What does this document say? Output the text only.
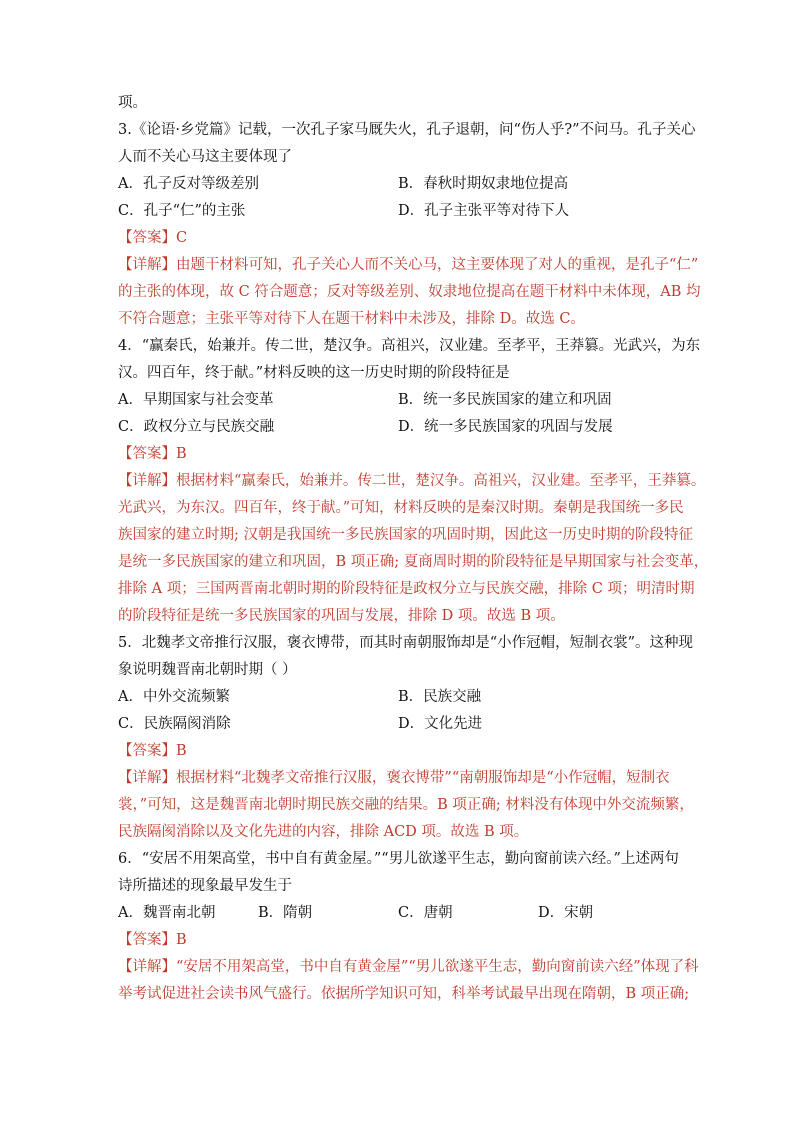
项。
3.《论语·乡党篇》记载，一次孔子家马厩失火，孔子退朝，问“伤人乎?”不问马。孔子关心
人而不关心马这主要体现了
A．孔子反对等级差别	B．春秋时期奴隶地位提高
C．孔子“仁”的主张	D．孔子主张平等对待下人
【答案】C
【详解】由题干材料可知，孔子关心人而不关心马，这主要体现了对人的重视，是孔子“仁”
的主张的体现，故 C 符合题意；反对等级差别、奴隶地位提高在题干材料中未体现，AB 均
不符合题意；主张平等对待下人在题干材料中未涉及，排除 D。故选 C。
4．“赢秦氏，始兼并。传二世，楚汉争。高祖兴，汉业建。至孝平，王莽篡。光武兴，为东
汉。四百年，终于献。”材料反映的这一历史时期的阶段特征是
A．早期国家与社会变革	B．统一多民族国家的建立和巩固
C．政权分立与民族交融	D．统一多民族国家的巩固与发展
【答案】B
【详解】根据材料“赢秦氏，始兼并。传二世，楚汉争。高祖兴，汉业建。至孝平，王莽篡。
光武兴，为东汉。四百年，终于献。”可知，材料反映的是秦汉时期。秦朝是我国统一多民
族国家的建立时期; 汉朝是我国统一多民族国家的巩固时期，因此这一历史时期的阶段特征
是统一多民族国家的建立和巩固，B 项正确; 夏商周时期的阶段特征是早期国家与社会变革，
排除 A 项；三国两晋南北朝时期的阶段特征是政权分立与民族交融，排除 C 项；明清时期
的阶段特征是统一多民族国家的巩固与发展，排除 D 项。故选 B 项。
5．北魏孝文帝推行汉服，褒衣博带，而其时南朝服饰却是“小作冠帽，短制衣裳”。这种现
象说明魏晋南北朝时期（ ）
A．中外交流频繁	B．民族交融
C．民族隔阂消除	D．文化先进
【答案】B
【详解】根据材料“北魏孝文帝推行汉服，褒衣博带”“南朝服饰却是“小作冠帽，短制衣
裳，”可知，这是魏晋南北朝时期民族交融的结果。B 项正确; 材料没有体现中外交流频繁，
民族隔阂消除以及文化先进的内容，排除 ACD 项。故选 B 项。
6．“安居不用架高堂，书中自有黄金屋。”“男儿欲遂平生志，勤向窗前读六经。”上述两句
诗所描述的现象最早发生于
A．魏晋南北朝	B．隋朝	C．唐朝	D．宋朝
【答案】B
【详解】“安居不用架高堂，书中自有黄金屋”“男儿欲遂平生志，勤向窗前读六经”体现了科
举考试促进社会读书风气盛行。依据所学知识可知，科举考试最早出现在隋朝，B 项正确;
